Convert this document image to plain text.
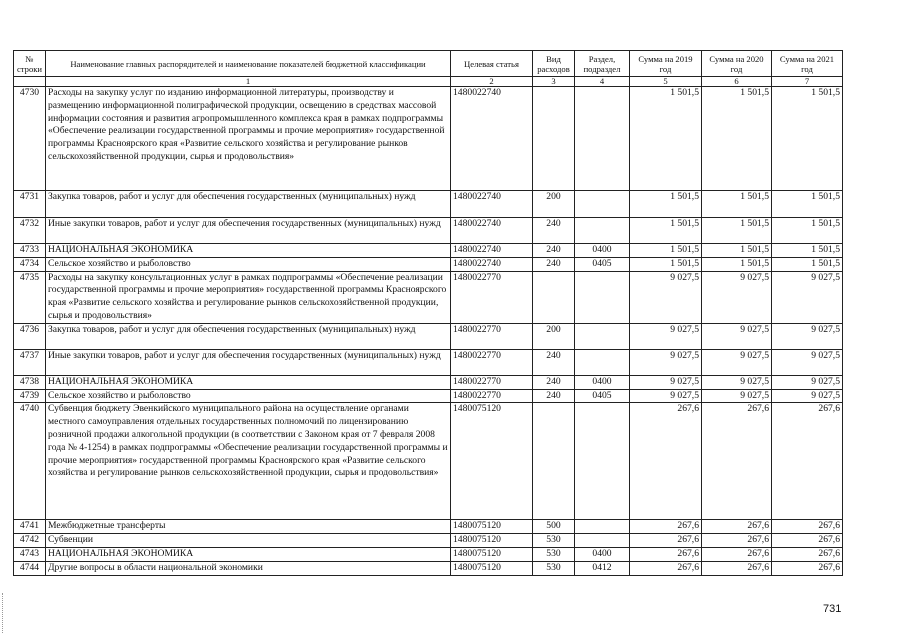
№ строки	Наименование главных распорядителей и наименование показателей бюджетной классификации	Целевая статья	Вид расходов	Раздел, подраздел	Сумма на 2019 год	Сумма на 2020 год	Сумма на 2021 год
	1	2	3	4	5	6	7
4730	Расходы на закупку услуг по изданию информационной литературы, производству и размещению информационной полиграфической продукции, освещению в средствах массовой информации состояния и развития агропромышленного комплекса края в рамках подпрограммы «Обеспечение реализации государственной программы и прочие мероприятия» государственной программы Красноярского края «Развитие сельского хозяйства и регулирование рынков сельскохозяйственной продукции, сырья и продовольствия»	1480022740			1 501,5	1 501,5	1 501,5
4731	Закупка товаров, работ и услуг для обеспечения государственных (муниципальных) нужд	1480022740	200		1 501,5	1 501,5	1 501,5
4732	Иные закупки товаров, работ и услуг для обеспечения государственных (муниципальных) нужд	1480022740	240		1 501,5	1 501,5	1 501,5
4733	НАЦИОНАЛЬНАЯ ЭКОНОМИКА	1480022740	240	0400	1 501,5	1 501,5	1 501,5
4734	Сельское хозяйство и рыболовство	1480022740	240	0405	1 501,5	1 501,5	1 501,5
4735	Расходы на закупку консультационных услуг в рамках подпрограммы «Обеспечение реализации государственной программы и прочие мероприятия» государственной программы Красноярского края «Развитие сельского хозяйства и регулирование рынков сельскохозяйственной продукции, сырья и продовольствия»	1480022770			9 027,5	9 027,5	9 027,5
4736	Закупка товаров, работ и услуг для обеспечения государственных (муниципальных) нужд	1480022770	200		9 027,5	9 027,5	9 027,5
4737	Иные закупки товаров, работ и услуг для обеспечения государственных (муниципальных) нужд	1480022770	240		9 027,5	9 027,5	9 027,5
4738	НАЦИОНАЛЬНАЯ ЭКОНОМИКА	1480022770	240	0400	9 027,5	9 027,5	9 027,5
4739	Сельское хозяйство и рыболовство	1480022770	240	0405	9 027,5	9 027,5	9 027,5
4740	Субвенция бюджету Эвенкийского муниципального района на осуществление органами местного самоуправления отдельных государственных полномочий по лицензированию розничной продажи алкогольной продукции (в соответствии с Законом края от 7 февраля 2008 года № 4-1254) в рамках подпрограммы «Обеспечение реализации государственной программы и прочие мероприятия» государственной программы Красноярского края «Развитие сельского хозяйства и регулирование рынков сельскохозяйственной продукции, сырья и продовольствия»	1480075120			267,6	267,6	267,6
4741	Межбюджетные трансферты	1480075120	500		267,6	267,6	267,6
4742	Субвенции	1480075120	530		267,6	267,6	267,6
4743	НАЦИОНАЛЬНАЯ ЭКОНОМИКА	1480075120	530	0400	267,6	267,6	267,6
4744	Другие вопросы в области национальной экономики	1480075120	530	0412	267,6	267,6	267,6
731
